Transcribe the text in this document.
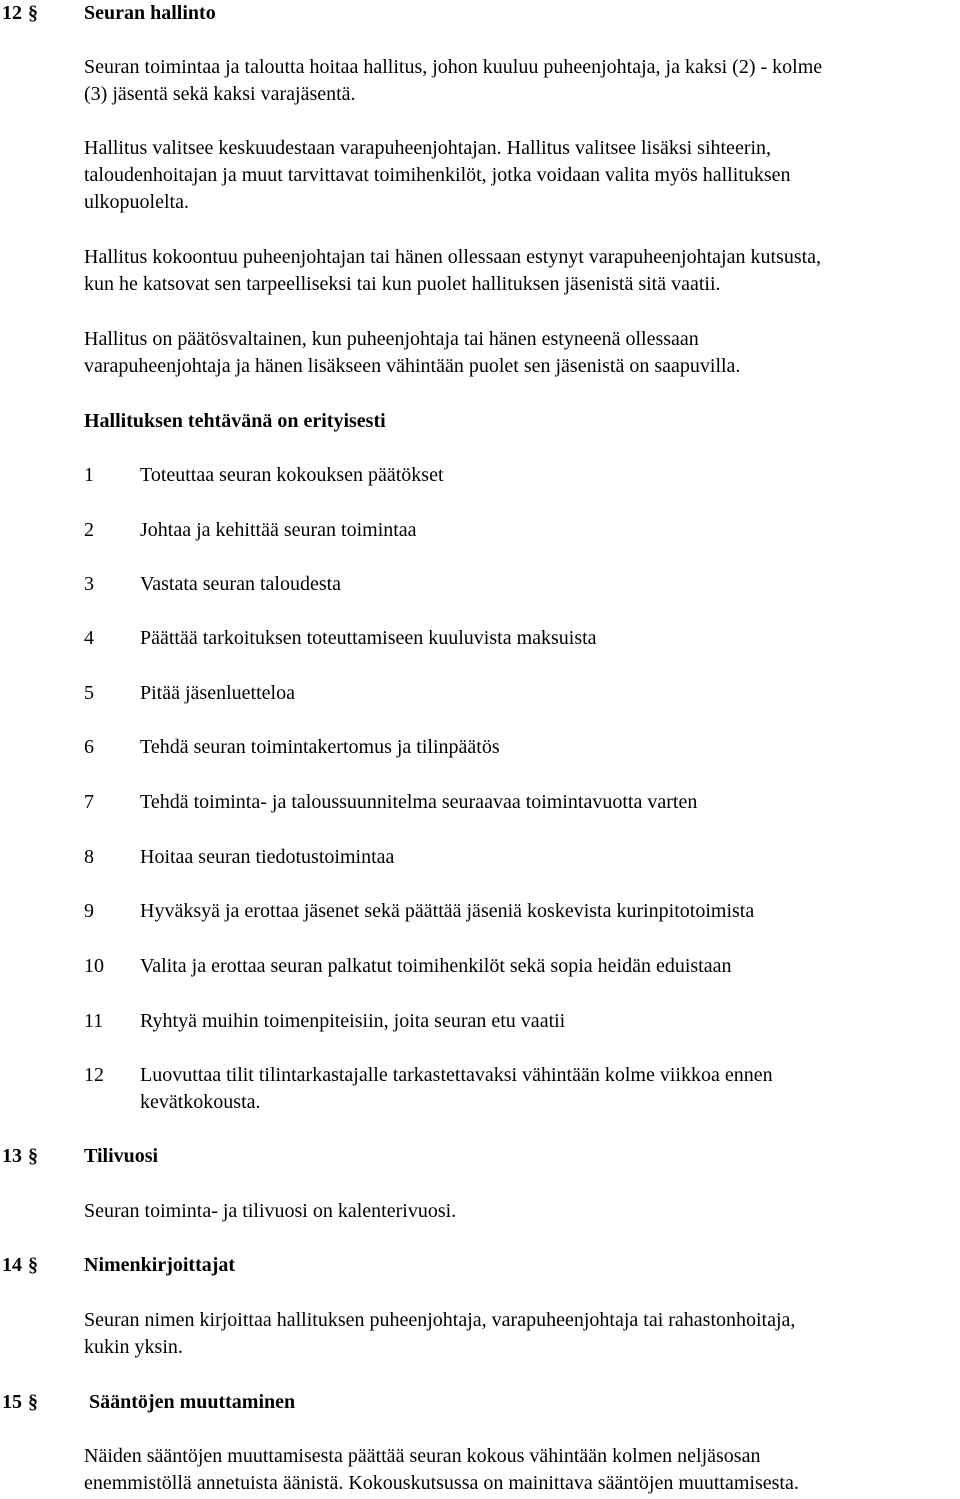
12 § Seuran hallinto

Seuran toimintaa ja taloutta hoitaa hallitus, johon kuuluu puheenjohtaja, ja kaksi (2) - kolme
(3) jäsentä sekä kaksi varajäsentä.

Hallitus valitsee keskuudestaan varapuheenjohtajan. Hallitus valitsee lisäksi sihteerin,
taloudenhoitajan ja muut tarvittavat toimihenkilöt, jotka voidaan valita myös hallituksen
ulkopuolelta.

Hallitus kokoontuu puheenjohtajan tai hänen ollessaan estynyt varapuheenjohtajan kutsusta,
kun he katsovat sen tarpeelliseksi tai kun puolet hallituksen jäsenistä sitä vaatii.

Hallitus on päätösvaltainen, kun puheenjohtaja tai hänen estyneenä ollessaan
varapuheenjohtaja ja hänen lisäkseen vähintään puolet sen jäsenistä on saapuvilla.

Hallituksen tehtävänä on erityisesti
1 Toteuttaa seuran kokouksen päätökset
2 Johtaa ja kehittää seuran toimintaa
3 Vastata seuran taloudesta
4 Päättää tarkoituksen toteuttamiseen kuuluvista maksuista
5 Pitää jäsenluetteloa
6 Tehdä seuran toimintakertomus ja tilinpäätös
7 Tehdä toiminta- ja taloussuunnitelma seuraavaa toimintavuotta varten
8 Hoitaa seuran tiedotustoimintaa
9 Hyväksyä ja erottaa jäsenet sekä päättää jäseniä koskevista kurinpitotoimista
10 Valita ja erottaa seuran palkatut toimihenkilöt sekä sopia heidän eduistaan
11 Ryhtyä muihin toimenpiteisiin, joita seuran etu vaatii
12 Luovuttaa tilit tilintarkastajalle tarkastettavaksi vähintään kolme viikkoa ennen
kevätkokousta.
13 § Tilivuosi

Seuran toiminta- ja tilivuosi on kalenterivuosi.

14 § Nimenkirjoittajat

Seuran nimen kirjoittaa hallituksen puheenjohtaja, varapuheenjohtaja tai rahastonhoitaja,
kukin yksin.

15 §	Sääntöjen muuttaminen

Näiden sääntöjen muuttamisesta päättää seuran kokous vähintään kolmen neljäsosan
enemmistöllä annetuista äänistä. Kokouskutsussa on mainittava sääntöjen muuttamisesta.
